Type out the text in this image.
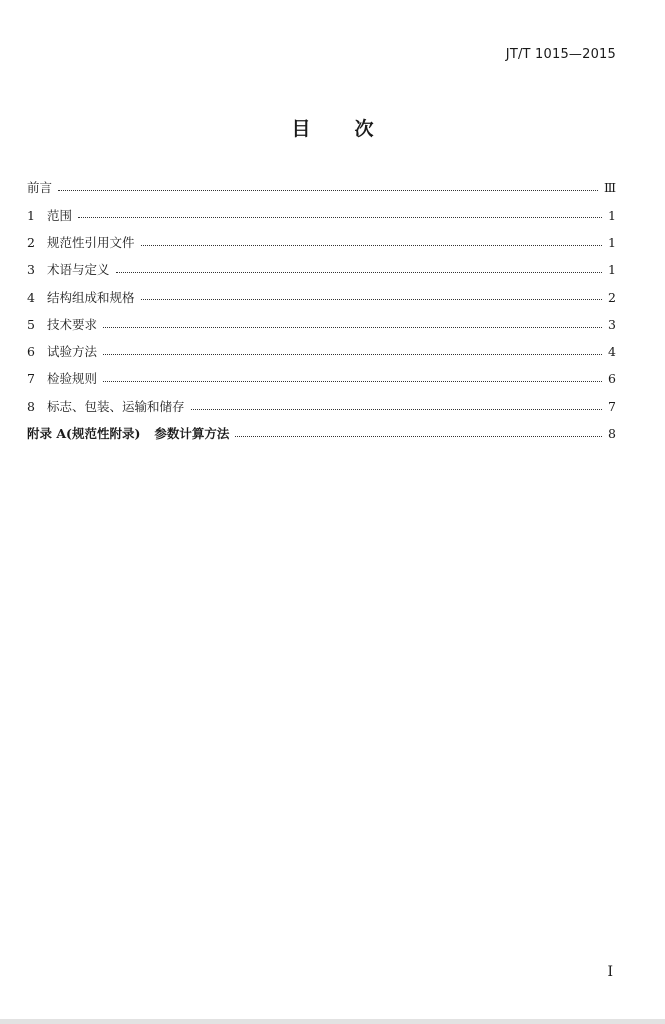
JT/T 1015—2015
目次
前言	Ⅲ
1 范围	1
2 规范性引用文件	1
3 术语与定义	1
4 结构组成和规格	2
5 技术要求	3
6 试验方法	4
7 检验规则	6
8 标志、包装、运输和储存	7
附录 A(规范性附录) 参数计算方法	8
I
